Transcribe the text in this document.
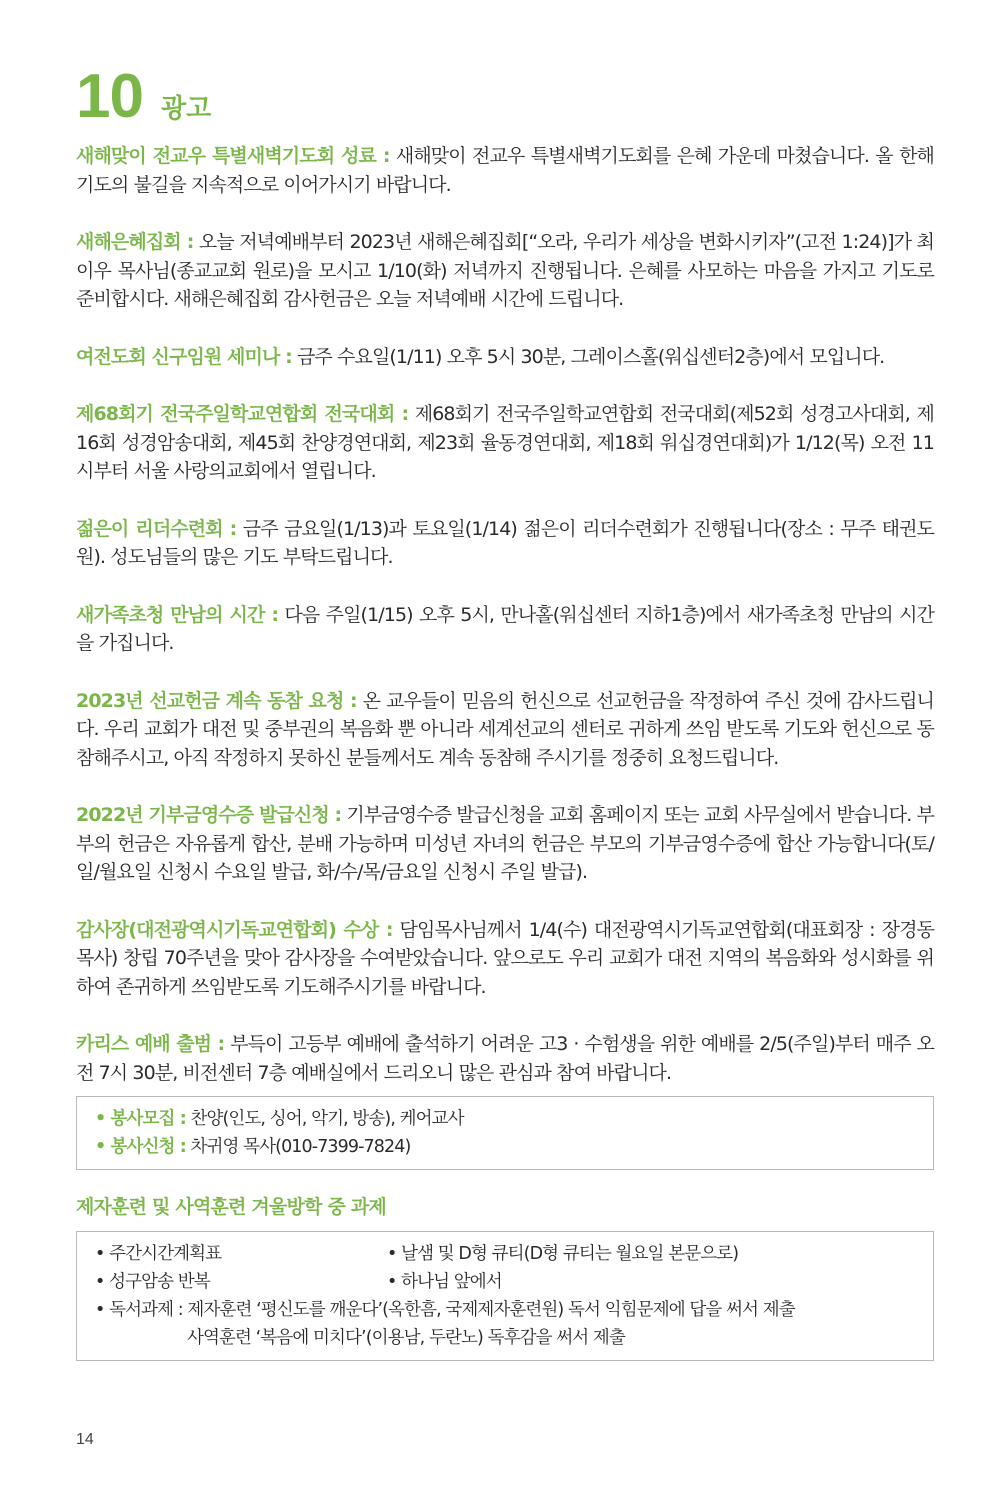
10 광고

새해맞이 전교우 특별새벽기도회 성료 : 새해맞이 전교우 특별새벽기도회를 은혜 가운데 마쳤습니다. 올 한해 기도의 불길을 지속적으로 이어가시기 바랍니다.

새해은혜집회 : 오늘 저녁예배부터 2023년 새해은혜집회[“오라, 우리가 세상을 변화시키자”(고전 1:24)]가 최이우 목사님(종교교회 원로)을 모시고 1/10(화) 저녁까지 진행됩니다. 은혜를 사모하는 마음을 가지고 기도로 준비합시다. 새해은혜집회 감사헌금은 오늘 저녁예배 시간에 드립니다.

여전도회 신구임원 세미나 : 금주 수요일(1/11) 오후 5시 30분, 그레이스홀(워십센터2층)에서 모입니다.

제68회기 전국주일학교연합회 전국대회 : 제68회기 전국주일학교연합회 전국대회(제52회 성경고사대회, 제16회 성경암송대회, 제45회 찬양경연대회, 제23회 율동경연대회, 제18회 워십경연대회)가 1/12(목) 오전 11시부터 서울 사랑의교회에서 열립니다.

젊은이 리더수련회 : 금주 금요일(1/13)과 토요일(1/14) 젊은이 리더수련회가 진행됩니다(장소 : 무주 태권도원). 성도님들의 많은 기도 부탁드립니다.

새가족초청 만남의 시간 : 다음 주일(1/15) 오후 5시, 만나홀(워십센터 지하1층)에서 새가족초청 만남의 시간을 가집니다.

2023년 선교헌금 계속 동참 요청 : 온 교우들이 믿음의 헌신으로 선교헌금을 작정하여 주신 것에 감사드립니다. 우리 교회가 대전 및 중부권의 복음화 뿐 아니라 세계선교의 센터로 귀하게 쓰임 받도록 기도와 헌신으로 동참해주시고, 아직 작정하지 못하신 분들께서도 계속 동참해 주시기를 정중히 요청드립니다.

2022년 기부금영수증 발급신청 : 기부금영수증 발급신청을 교회 홈페이지 또는 교회 사무실에서 받습니다. 부부의 헌금은 자유롭게 합산, 분배 가능하며 미성년 자녀의 헌금은 부모의 기부금영수증에 합산 가능합니다(토/일/월요일 신청시 수요일 발급, 화/수/목/금요일 신청시 주일 발급).

감사장(대전광역시기독교연합회) 수상 : 담임목사님께서 1/4(수) 대전광역시기독교연합회(대표회장 : 장경동 목사) 창립 70주년을 맞아 감사장을 수여받았습니다. 앞으로도 우리 교회가 대전 지역의 복음화와 성시화를 위하여 존귀하게 쓰임받도록 기도해주시기를 바랍니다.

카리스 예배 출범 : 부득이 고등부 예배에 출석하기 어려운 고3 · 수험생을 위한 예배를 2/5(주일)부터 매주 오전 7시 30분, 비전센터 7층 예배실에서 드리오니 많은 관심과 참여 바랍니다.

• 봉사모집 : 찬양(인도, 싱어, 악기, 방송), 케어교사
• 봉사신청 : 차귀영 목사(010-7399-7824)
제자훈련 및 사역훈련 겨울방학 중 과제
• 주간시간계획표	• 날샘 및 D형 큐티(D형 큐티는 월요일 본문으로)
• 성구암송 반복	• 하나님 앞에서
• 독서과제 : 제자훈련 ‘평신도를 깨운다’(옥한흠, 국제제자훈련원) 독서 익힘문제에 답을 써서 제출
사역훈련 ‘복음에 미치다’(이용남, 두란노) 독후감을 써서 제출
14
